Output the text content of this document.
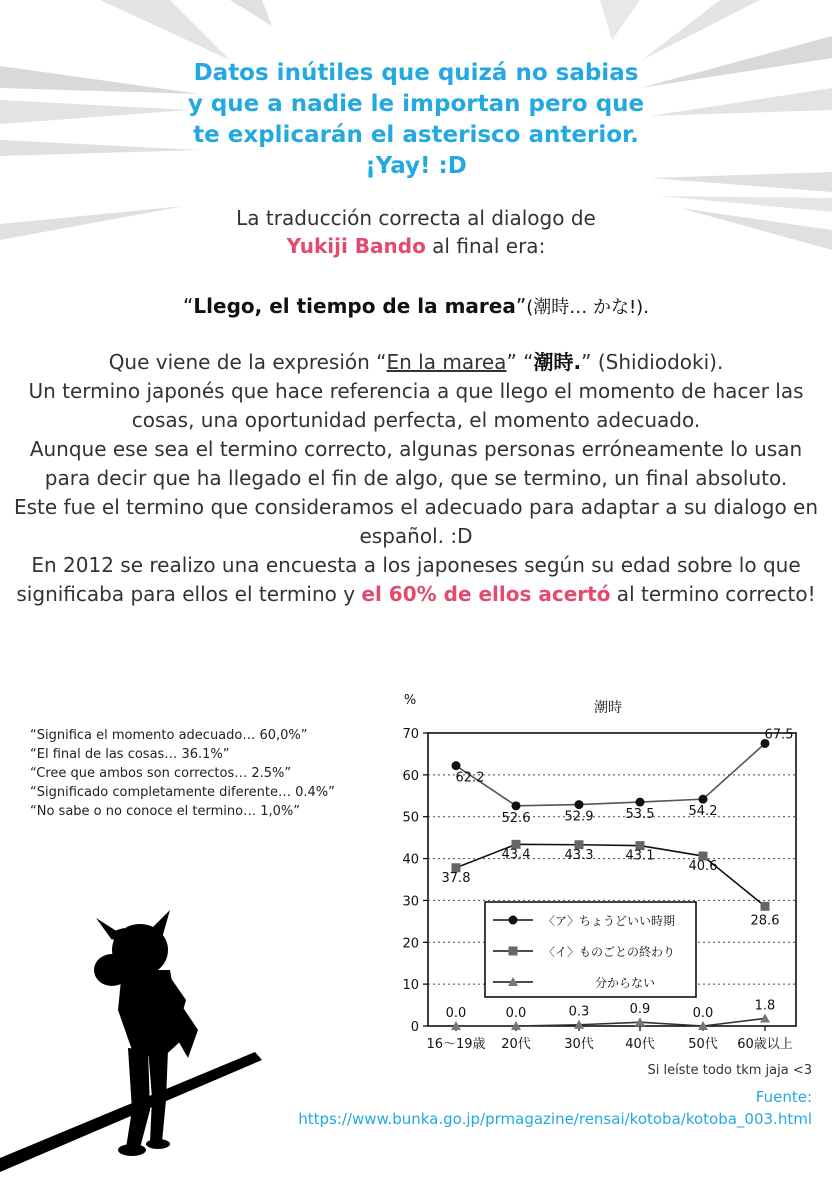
Datos inútiles que quizá no sabias
y que a nadie le importan pero que
te explicarán el asterisco anterior.
¡Yay! :D
La traducción correcta al dialogo de
Yukiji Bando al final era:
“Llego, el tiempo de la marea”(潮時… かな!).
Que viene de la expresión “En la marea” “潮時.” (Shidiodoki).
Un termino japonés que hace referencia a que llego el momento de hacer las cosas, una oportunidad perfecta, el momento adecuado.
Aunque ese sea el termino correcto, algunas personas erróneamente lo usan para decir que ha llegado el fin de algo, que se termino, un final absoluto.
Este fue el termino que consideramos el adecuado para adaptar a su dialogo en español. :D
En 2012 se realizo una encuesta a los japoneses según su edad sobre lo que significaba para ellos el termino y el 60% de ellos acertó al termino correcto!
“Significa el momento adecuado… 60,0%”
“El final de las cosas… 36.1%”
“Cree que ambos son correctos… 2.5%”
“Significado completamente diferente… 0.4%”
“No sabe o no conoce el termino… 1,0%”
0
10
20
30
40
50
60
70
16～19歳 20代	30代 40代	50代 60歳以上
潮時
%
62.2
52.6	52.9 53.5	54.2
67.5
37.8
43.4	43.3 43.1
40.6
28.6
0.0	0.0	0.3	0.9	0.0
1.8
〈ア〉ちょうどいい時期
〈イ〉ものごとの終わり
分からない
Si leíste todo tkm jaja <3
Fuente:
https://www.bunka.go.jp/prmagazine/rensai/kotoba/kotoba_003.html
